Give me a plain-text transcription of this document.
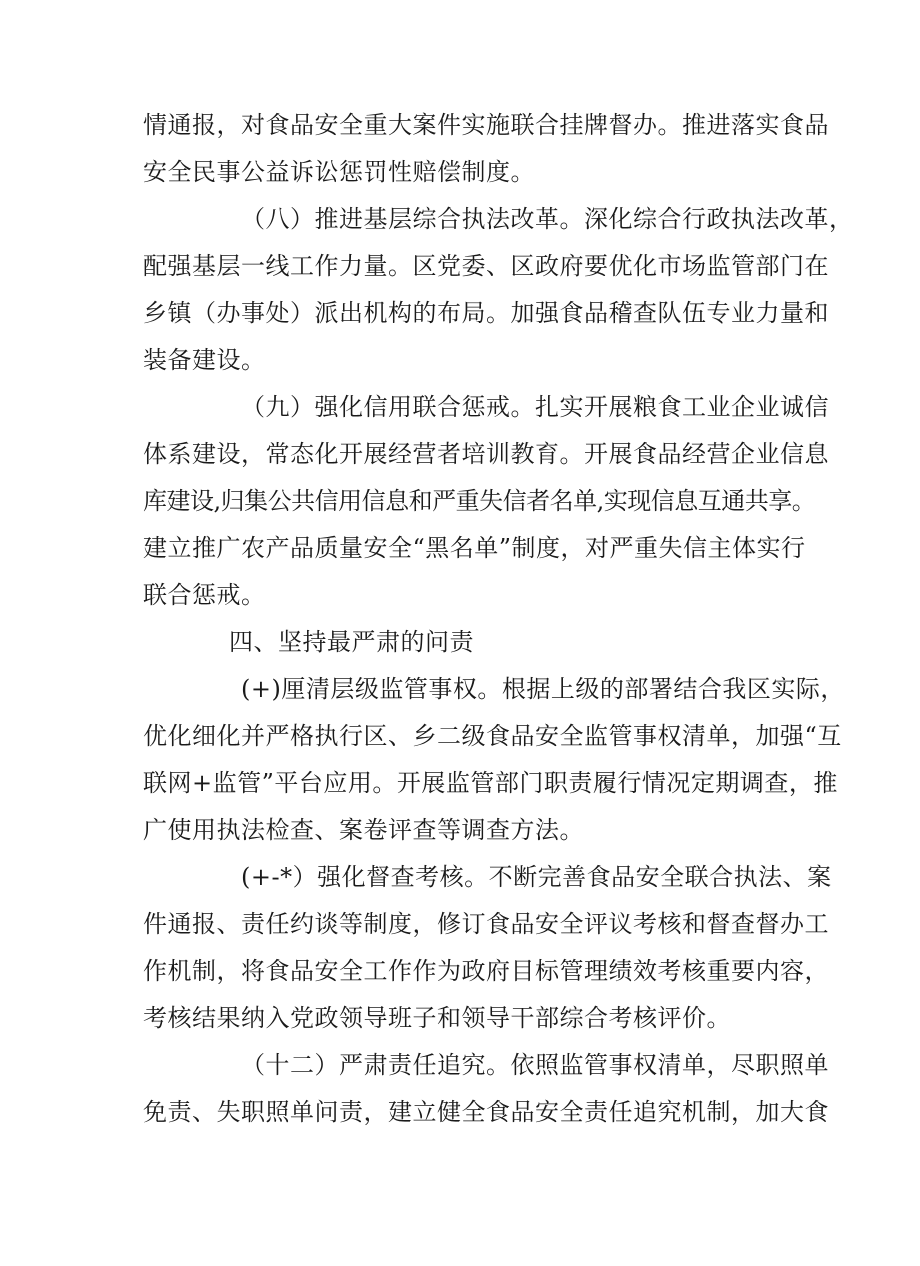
情通报，对食品安全重大案件实施联合挂牌督办。推进落实食品
安全民事公益诉讼惩罚性赔偿制度。
（八）推进基层综合执法改革。深化综合行政执法改革，
配强基层一线工作力量。区党委、区政府要优化市场监管部门在
乡镇（办事处）派出机构的布局。加强食品稽查队伍专业力量和
装备建设。
（九）强化信用联合惩戒。扎实开展粮食工业企业诚信
体系建设，常态化开展经营者培训教育。开展食品经营企业信息
库建设,归集公共信用信息和严重失信者名单,实现信息互通共享。
建立推广农产品质量安全“黑名单”制度，对严重失信主体实行
联合惩戒。
四、坚持最严肃的问责
(+)厘清层级监管事权。根据上级的部署结合我区实际，
优化细化并严格执行区、乡二级食品安全监管事权清单，加强“互
联网+监管”平台应用。开展监管部门职责履行情况定期调查，推
广使用执法检查、案卷评查等调查方法。
(+-*）强化督查考核。不断完善食品安全联合执法、案
件通报、责任约谈等制度，修订食品安全评议考核和督查督办工
作机制，将食品安全工作作为政府目标管理绩效考核重要内容，
考核结果纳入党政领导班子和领导干部综合考核评价。
（十二）严肃责任追究。依照监管事权清单，尽职照单
免责、失职照单问责，建立健全食品安全责任追究机制，加大食
